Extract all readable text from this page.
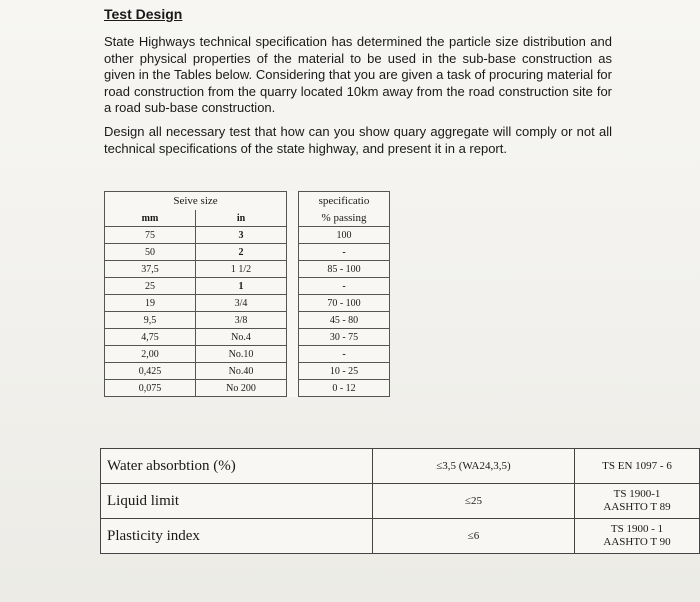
Test Design

State Highways technical specification has determined the particle size distribution and other physical properties of the material to be used in the sub-base construction as given in the Tables below. Considering that you are given a task of procuring material for road construction from the quarry located 10km away from the road construction site for a road sub-base construction.

Design all necessary test that how can you show quary aggregate will comply or not all technical specifications of the state highway, and present it in a report.

Seive size			specificatio
mm	in		% passing
75	3		100
50	2		-
37,5	1 1/2		85 - 100
25	1		-
19	3/4		70 - 100
9,5	3/8		45 - 80
4,75	No.4		30 - 75
2,00	No.10		-
0,425	No.40		10 - 25
0,075	No 200		0 - 12
Water absorbtion (%)	≤3,5 (WA24,3,5)	TS EN 1097 - 6

Liquid limit	≤25	TS 1900-1
AASHTO T 89

Plasticity index	≤6	TS 1900 - 1
AASHTO T 90
